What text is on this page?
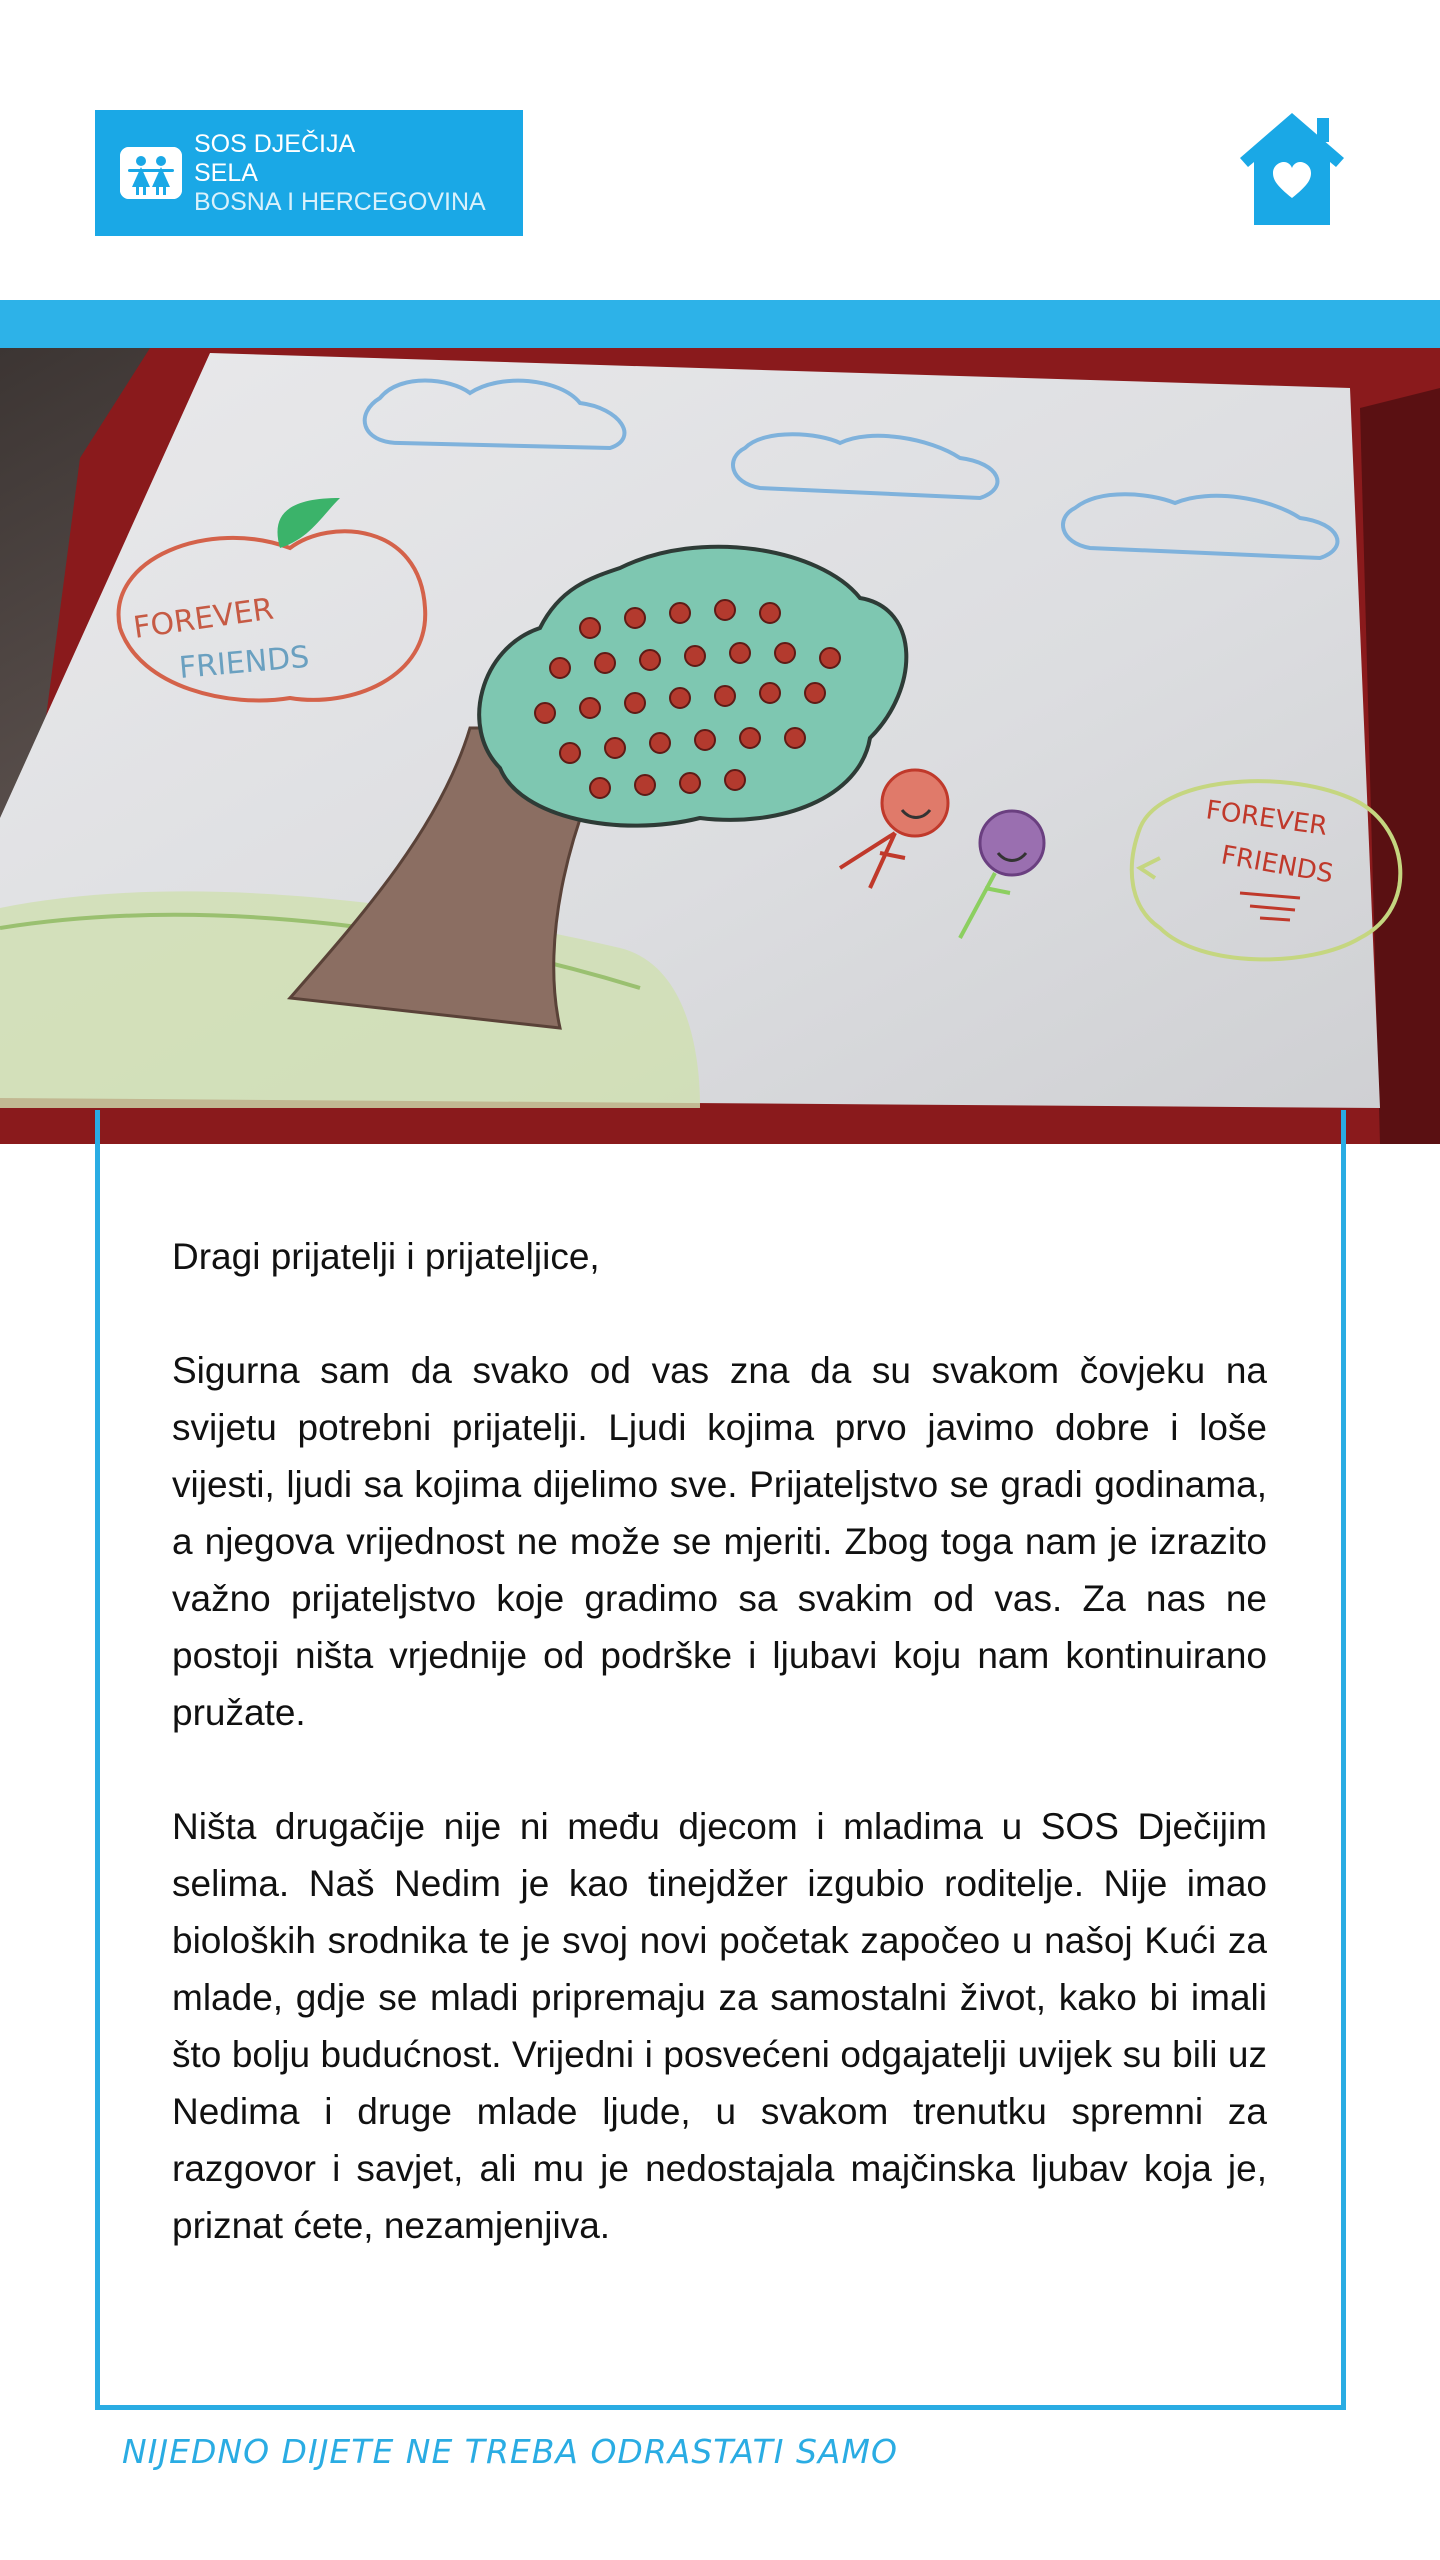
SOS DJEČIJA
SELA
BOSNA I HERCEGOVINA
FOREVER
FRIENDS
FOREVER
FRIENDS

Dragi prijatelji i prijateljice,

Sigurna sam da svako od vas zna da su svakom čovjeku na svijetu potrebni prijatelji. Ljudi kojima prvo javimo dobre i loše vijesti, ljudi sa kojima dijelimo sve. Prijateljstvo se gradi godinama, a njegova vrijednost ne može se mjeriti. Zbog toga nam je izrazito važno prijateljstvo koje gradimo sa svakim od vas. Za nas ne postoji ništa vrjednije od podrške i ljubavi koju nam kontinuirano pružate.

Ništa drugačije nije ni među djecom i mladima u SOS Dječijim selima. Naš Nedim je kao tinejdžer izgubio roditelje. Nije imao bioloških srodnika te je svoj novi početak započeo u našoj Kući za mlade, gdje se mladi pripremaju za samostalni život, kako bi imali što bolju budućnost. Vrijedni i posvećeni odgajatelji uvijek su bili uz Nedima i druge mlade ljude, u svakom trenutku spremni za razgovor i savjet, ali mu je nedostajala majčinska ljubav koja je, priznat ćete, nezamjenjiva.

NIJEDNO DIJETE NE TREBA ODRASTATI SAMO
